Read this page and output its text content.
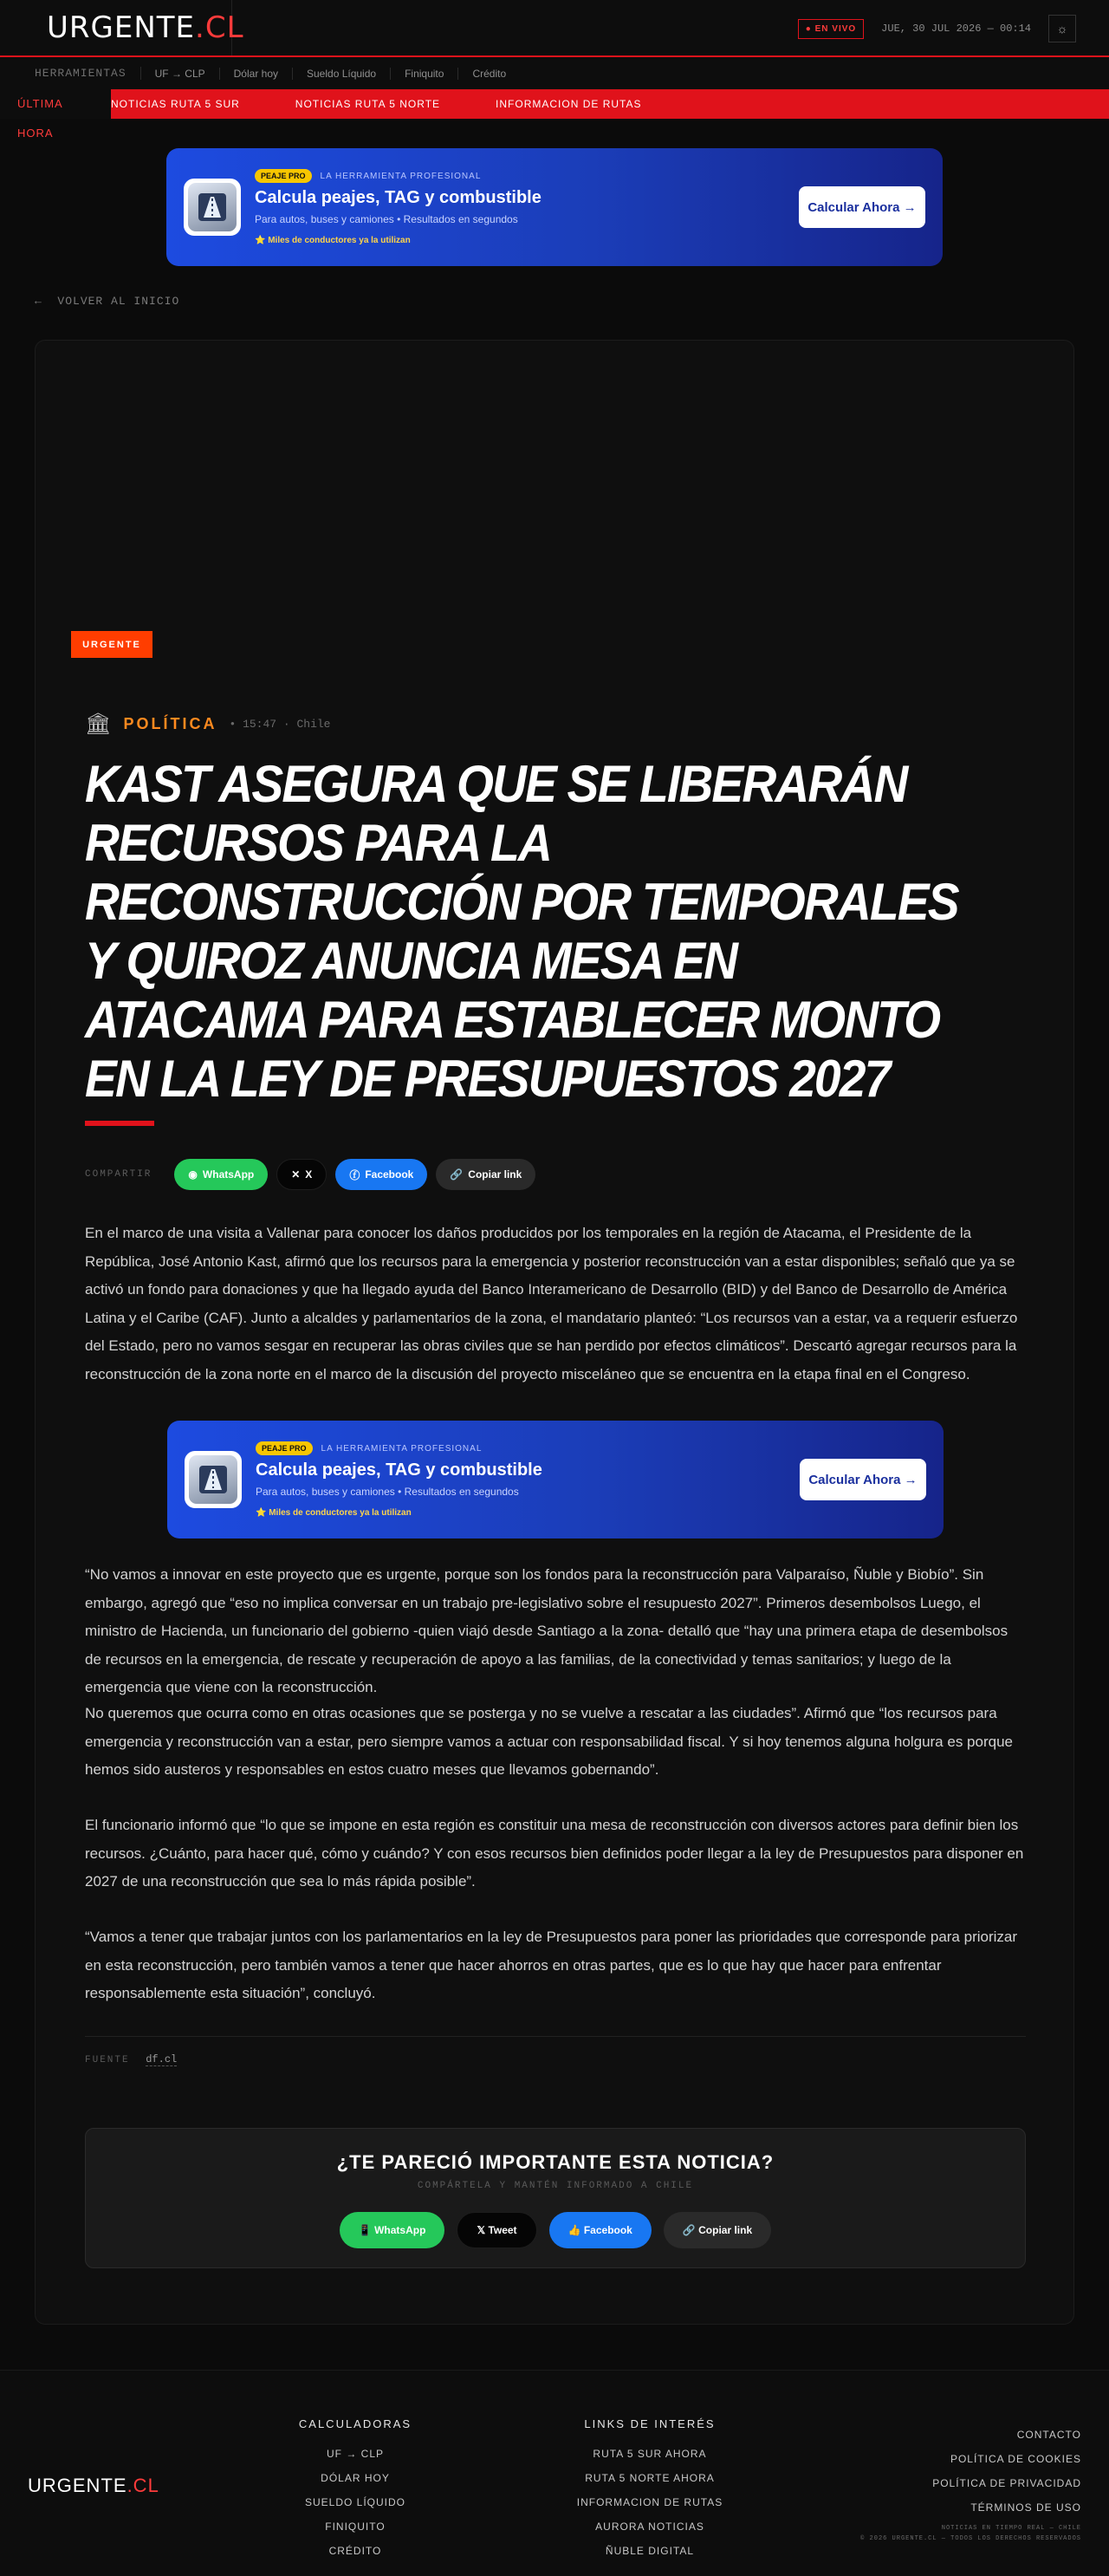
URGENTE.CL	● EN VIVO	JUE, 30 JUL 2026 — 00:14 ☼
HERRAMIENTAS	UF → CLP	Dólar hoy	Sueldo Líquido	Finiquito	Crédito
ÚLTIMA HORA
NOTICIAS RUTA 5 SUR	NOTICIAS RUTA 5 NORTE	INFORMACION DE RUTAS
PEAJE PRO	LA HERRAMIENTA PROFESIONAL
Calcula peajes, TAG y combustible
Para autos, buses y camiones • Resultados en segundos
⭐ Miles de conductores ya la utilizan
Calcular Ahora →
← VOLVER AL INICIO
URGENTE
🏛 POLÍTICA • 15:47 · Chile
KAST ASEGURA QUE SE LIBERARÁN RECURSOS PARA LA RECONSTRUCCIÓN POR TEMPORALES Y QUIROZ ANUNCIA MESA EN ATACAMA PARA ESTABLECER MONTO EN LA LEY DE PRESUPUESTOS 2027
COMPARTIR	◉ WhatsApp	✕ X	ⓕ Facebook	🔗 Copiar link

En el marco de una visita a Vallenar para conocer los daños producidos por los temporales en la región de Atacama, el Presidente de la República, José Antonio Kast, afirmó que los recursos para la emergencia y posterior reconstrucción van a estar disponibles; señaló que ya se activó un fondo para donaciones y que ha llegado ayuda del Banco Interamericano de Desarrollo (BID) y del Banco de Desarrollo de América Latina y el Caribe (CAF). Junto a alcaldes y parlamentarios de la zona, el mandatario planteó: “Los recursos van a estar, va a requerir esfuerzo del Estado, pero no vamos sesgar en recuperar las obras civiles que se han perdido por efectos climáticos”. Descartó agregar recursos para la reconstrucción de la zona norte en el marco de la discusión del proyecto misceláneo que se encuentra en la etapa final en el Congreso.

PEAJE PRO	LA HERRAMIENTA PROFESIONAL
Calcula peajes, TAG y combustible
Para autos, buses y camiones • Resultados en segundos
⭐ Miles de conductores ya la utilizan
Calcular Ahora →

“No vamos a innovar en este proyecto que es urgente, porque son los fondos para la reconstrucción para Valparaíso, Ñuble y Biobío”. Sin embargo, agregó que “eso no implica conversar en un trabajo pre-legislativo sobre el resupuesto 2027”. Primeros desembolsos Luego, el ministro de Hacienda, un funcionario del gobierno -quien viajó desde Santiago a la zona- detalló que “hay una primera etapa de desembolsos de recursos en la emergencia, de rescate y recuperación de apoyo a las familias, de la conectividad y temas sanitarios; y luego de la emergencia que viene con la reconstrucción.

No queremos que ocurra como en otras ocasiones que se posterga y no se vuelve a rescatar a las ciudades”. Afirmó que “los recursos para emergencia y reconstrucción van a estar, pero siempre vamos a actuar con responsabilidad fiscal. Y si hoy tenemos alguna holgura es porque hemos sido austeros y responsables en estos cuatro meses que llevamos gobernando”.

El funcionario informó que “lo que se impone en esta región es constituir una mesa de reconstrucción con diversos actores para definir bien los recursos. ¿Cuánto, para hacer qué, cómo y cuándo? Y con esos recursos bien definidos poder llegar a la ley de Presupuestos para disponer en 2027 de una reconstrucción que sea lo más rápida posible”.

“Vamos a tener que trabajar juntos con los parlamentarios en la ley de Presupuestos para poner las prioridades que corresponde para priorizar en esta reconstrucción, pero también vamos a tener que hacer ahorros en otras partes, que es lo que hay que hacer para enfrentar responsablemente esta situación”, concluyó.

FUENTE df.cl
¿TE PARECIÓ IMPORTANTE ESTA NOTICIA?
COMPÁRTELA Y MANTÉN INFORMADO A CHILE
📱 WhatsApp	𝕏 Tweet	👍 Facebook	🔗 Copiar link
URGENTE.CL
CALCULADORAS
UF → CLP
DÓLAR HOY
SUELDO LÍQUIDO
FINIQUITO
CRÉDITO
LINKS DE INTERÉS
RUTA 5 SUR AHORA
RUTA 5 NORTE AHORA
INFORMACION DE RUTAS
AURORA NOTICIAS
ÑUBLE DIGITAL
CONTACTO
POLÍTICA DE COOKIES
POLÍTICA DE PRIVACIDAD
TÉRMINOS DE USO
NOTICIAS EN TIEMPO REAL — CHILE
© 2026 URGENTE.CL — TODOS LOS DERECHOS RESERVADOS
